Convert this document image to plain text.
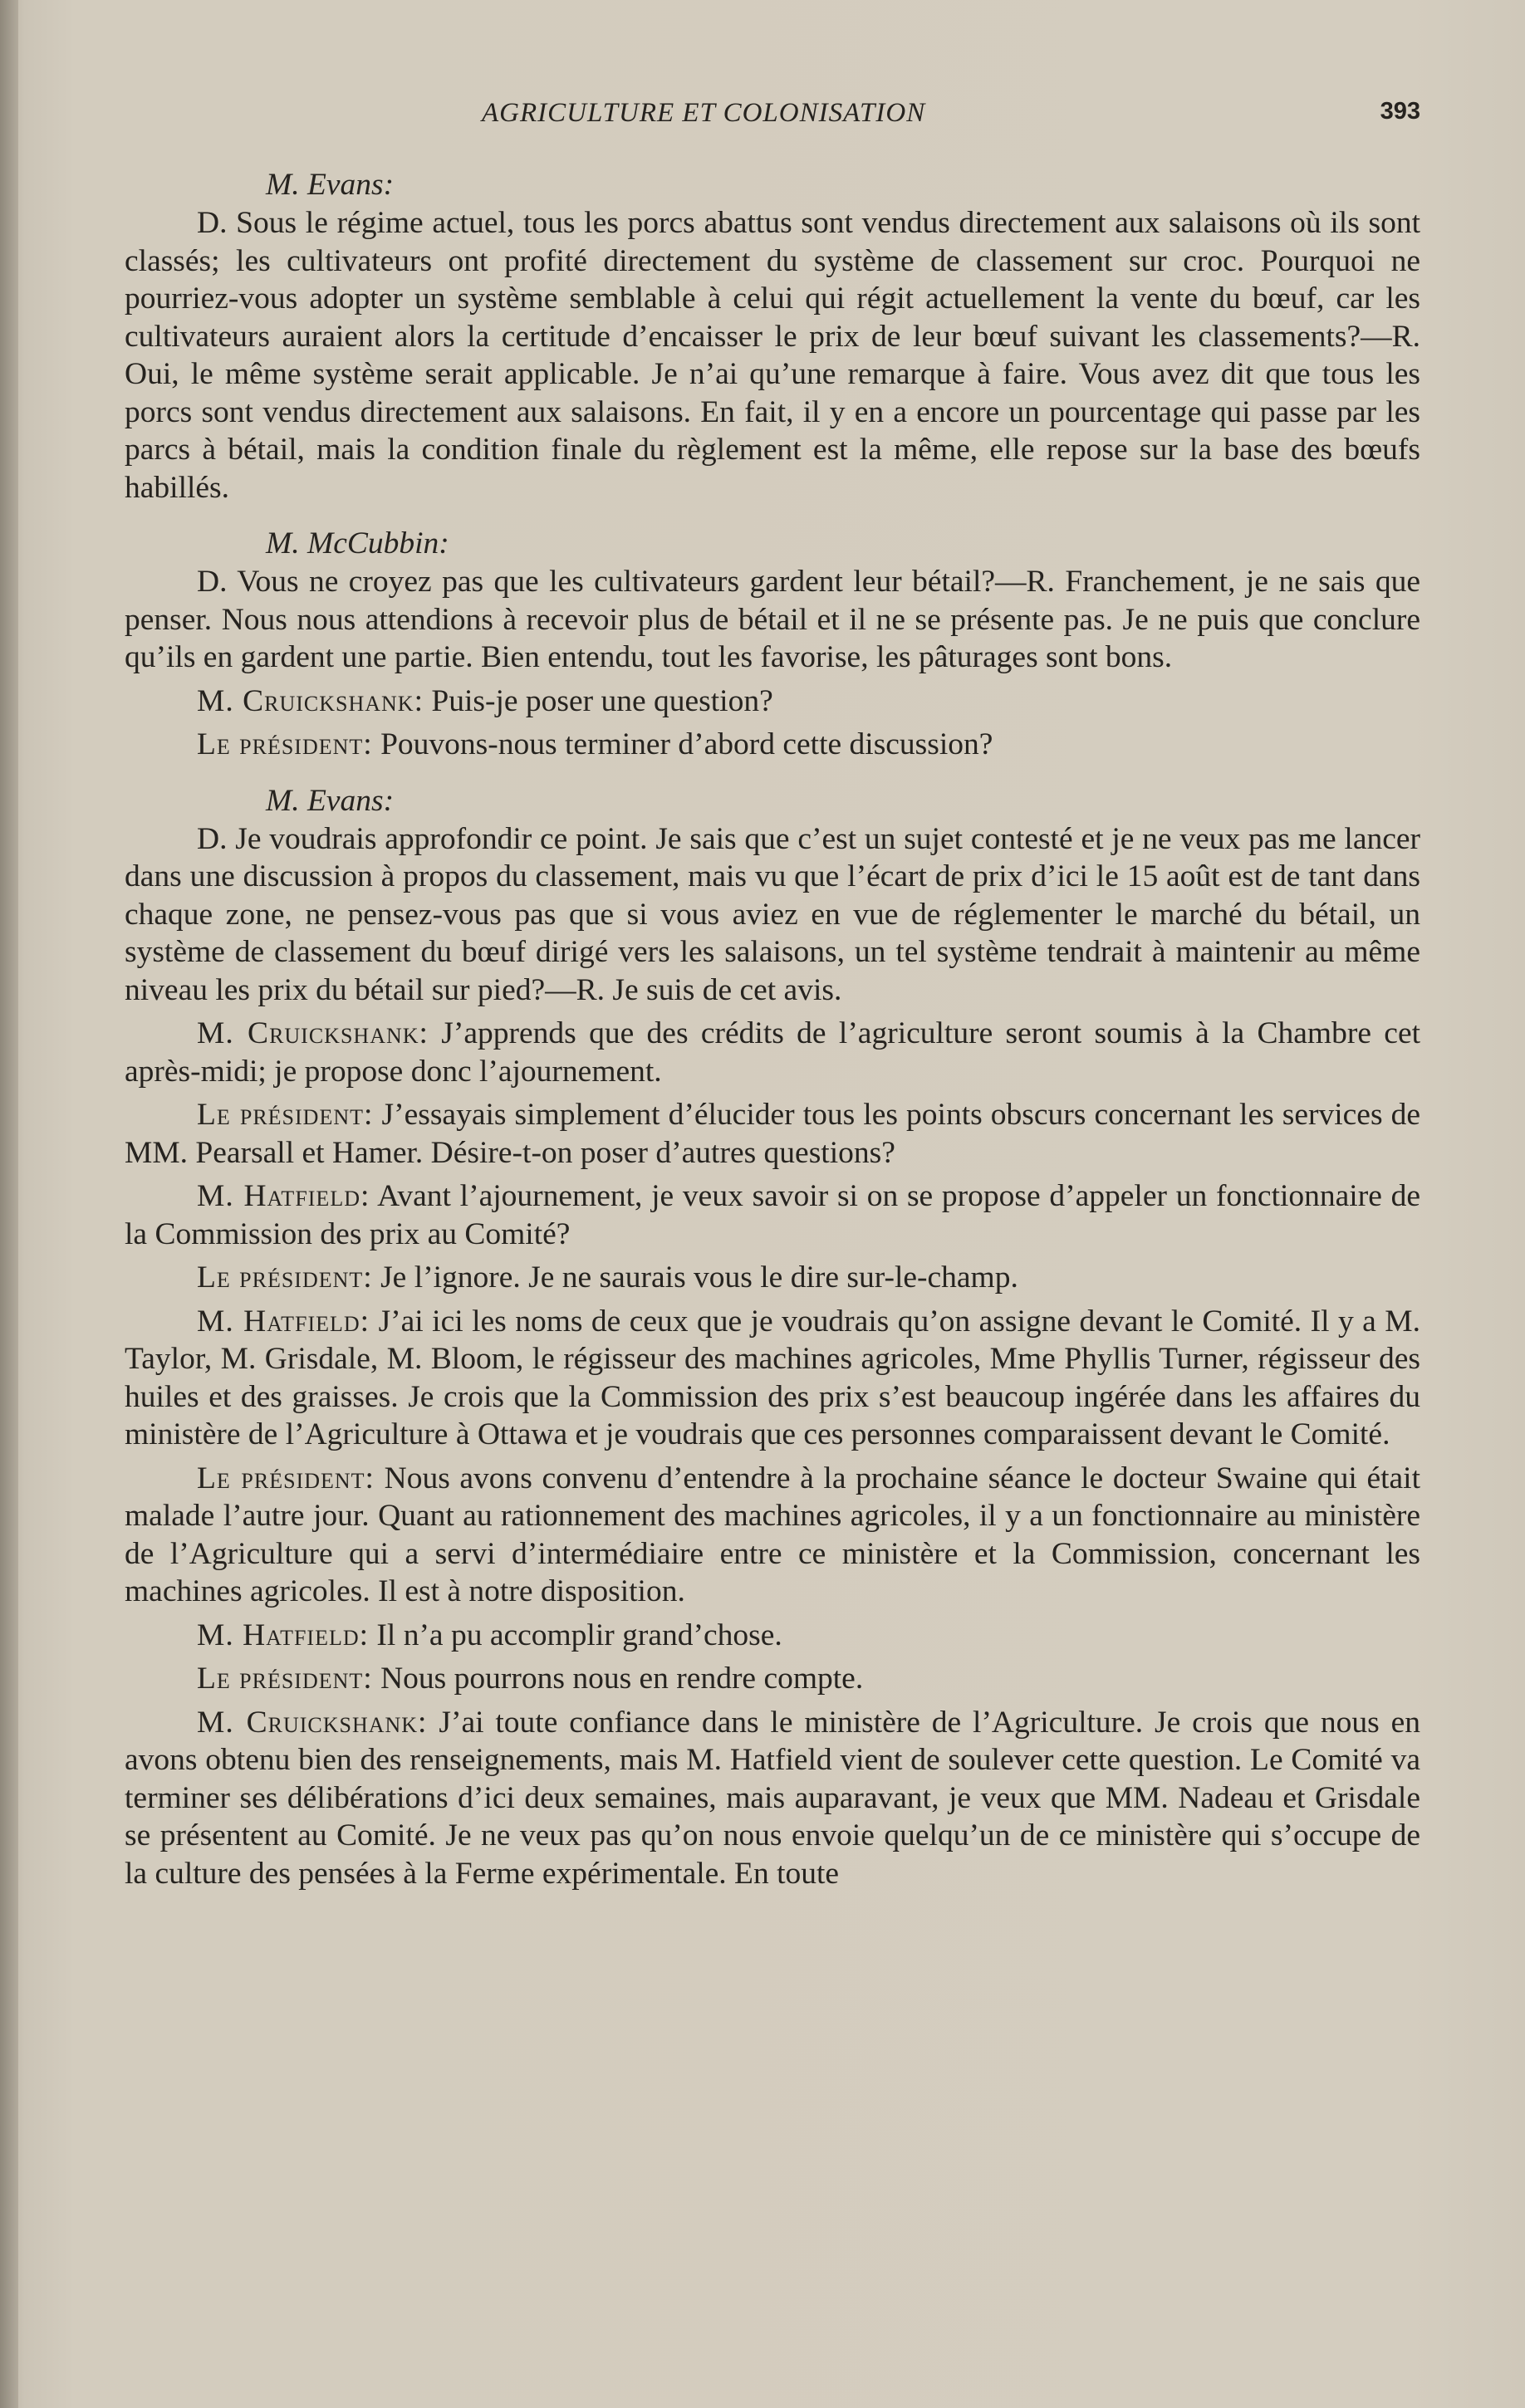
AGRICULTURE ET COLONISATION	393

M. Evans:

D. Sous le régime actuel, tous les porcs abattus sont vendus directement aux salaisons où ils sont classés; les cultivateurs ont profité directement du système de classement sur croc. Pourquoi ne pourriez-vous adopter un système semblable à celui qui régit actuellement la vente du bœuf, car les cultivateurs auraient alors la certitude d’encaisser le prix de leur bœuf suivant les classements?—R. Oui, le même système serait applicable. Je n’ai qu’une remarque à faire. Vous avez dit que tous les porcs sont vendus directement aux salaisons. En fait, il y en a encore un pourcentage qui passe par les parcs à bétail, mais la condition finale du règlement est la même, elle repose sur la base des bœufs habillés.

M. McCubbin:

D. Vous ne croyez pas que les cultivateurs gardent leur bétail?—R. Franchement, je ne sais que penser. Nous nous attendions à recevoir plus de bétail et il ne se présente pas. Je ne puis que conclure qu’ils en gardent une partie. Bien entendu, tout les favorise, les pâturages sont bons.

M. Cruickshank: Puis-je poser une question?

Le président: Pouvons-nous terminer d’abord cette discussion?

M. Evans:

D. Je voudrais approfondir ce point. Je sais que c’est un sujet contesté et je ne veux pas me lancer dans une discussion à propos du classement, mais vu que l’écart de prix d’ici le 15 août est de tant dans chaque zone, ne pensez-vous pas que si vous aviez en vue de réglementer le marché du bétail, un système de classement du bœuf dirigé vers les salaisons, un tel système tendrait à maintenir au même niveau les prix du bétail sur pied?—R. Je suis de cet avis.

M. Cruickshank: J’apprends que des crédits de l’agriculture seront soumis à la Chambre cet après-midi; je propose donc l’ajournement.

Le président: J’essayais simplement d’élucider tous les points obscurs concernant les services de MM. Pearsall et Hamer. Désire-t-on poser d’autres questions?

M. Hatfield: Avant l’ajournement, je veux savoir si on se propose d’appeler un fonctionnaire de la Commission des prix au Comité?

Le président: Je l’ignore. Je ne saurais vous le dire sur-le-champ.

M. Hatfield: J’ai ici les noms de ceux que je voudrais qu’on assigne devant le Comité. Il y a M. Taylor, M. Grisdale, M. Bloom, le régisseur des machines agricoles, Mme Phyllis Turner, régisseur des huiles et des graisses. Je crois que la Commission des prix s’est beaucoup ingérée dans les affaires du ministère de l’Agriculture à Ottawa et je voudrais que ces personnes comparaissent devant le Comité.

Le président: Nous avons convenu d’entendre à la prochaine séance le docteur Swaine qui était malade l’autre jour. Quant au rationnement des machines agricoles, il y a un fonctionnaire au ministère de l’Agriculture qui a servi d’intermédiaire entre ce ministère et la Commission, concernant les machines agricoles. Il est à notre disposition.

M. Hatfield: Il n’a pu accomplir grand’chose.

Le président: Nous pourrons nous en rendre compte.

M. Cruickshank: J’ai toute confiance dans le ministère de l’Agriculture. Je crois que nous en avons obtenu bien des renseignements, mais M. Hatfield vient de soulever cette question. Le Comité va terminer ses délibérations d’ici deux semaines, mais auparavant, je veux que MM. Nadeau et Grisdale se présentent au Comité. Je ne veux pas qu’on nous envoie quelqu’un de ce ministère qui s’occupe de la culture des pensées à la Ferme expérimentale. En toute
